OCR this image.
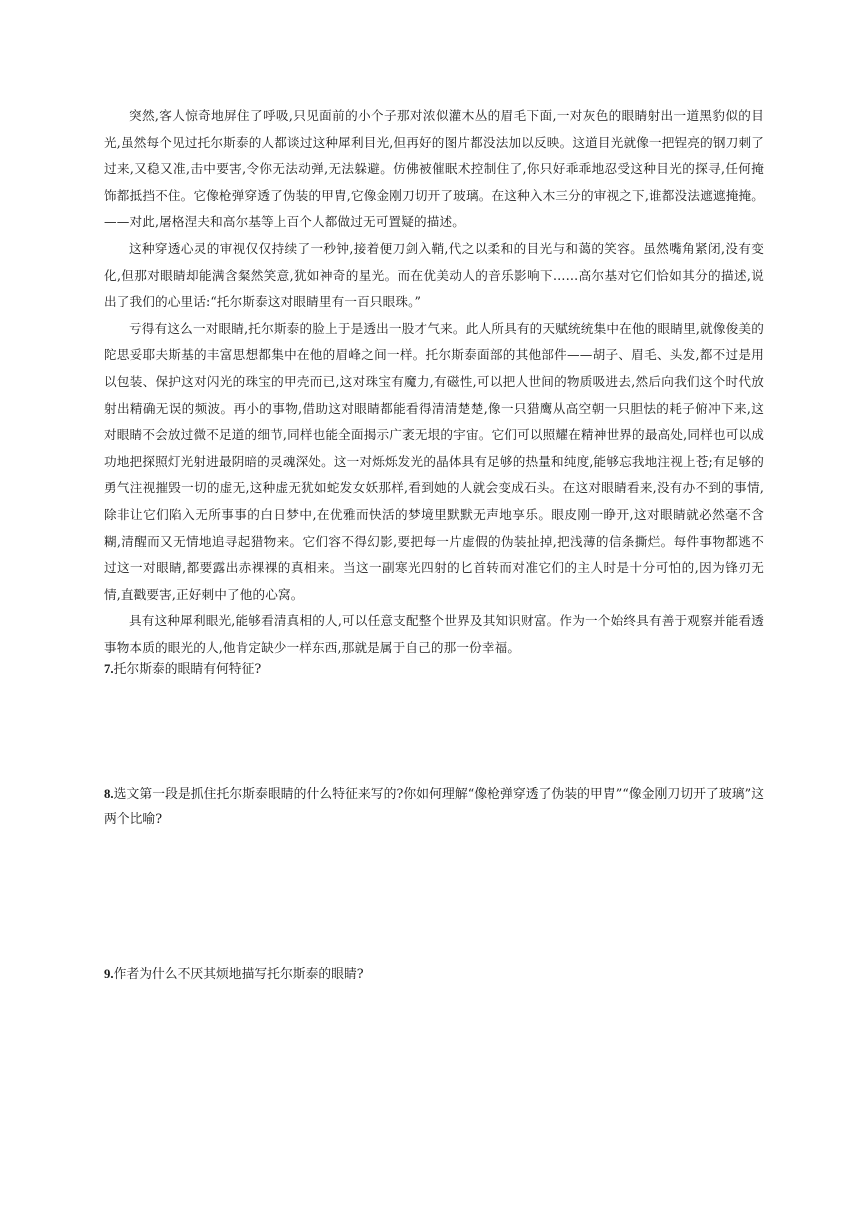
突然,客人惊奇地屏住了呼吸,只见面前的小个子那对浓似灌木丛的眉毛下面,一对灰色的眼睛射出一道黑豹似的目光,虽然每个见过托尔斯泰的人都谈过这种犀利目光,但再好的图片都没法加以反映。这道目光就像一把锃亮的钢刀刺了过来,又稳又准,击中要害,令你无法动弹,无法躲避。仿佛被催眠术控制住了,你只好乖乖地忍受这种目光的探寻,任何掩饰都抵挡不住。它像枪弹穿透了伪装的甲胄,它像金刚刀切开了玻璃。在这种入木三分的审视之下,谁都没法遮遮掩掩。——对此,屠格涅夫和高尔基等上百个人都做过无可置疑的描述。

这种穿透心灵的审视仅仅持续了一秒钟,接着便刀剑入鞘,代之以柔和的目光与和蔼的笑容。虽然嘴角紧闭,没有变化,但那对眼睛却能满含粲然笑意,犹如神奇的星光。而在优美动人的音乐影响下……高尔基对它们恰如其分的描述,说出了我们的心里话:“托尔斯泰这对眼睛里有一百只眼珠。”

亏得有这么一对眼睛,托尔斯泰的脸上于是透出一股才气来。此人所具有的天赋统统集中在他的眼睛里,就像俊美的陀思妥耶夫斯基的丰富思想都集中在他的眉峰之间一样。托尔斯泰面部的其他部件——胡子、眉毛、头发,都不过是用以包装、保护这对闪光的珠宝的甲壳而已,这对珠宝有魔力,有磁性,可以把人世间的物质吸进去,然后向我们这个时代放射出精确无误的频波。再小的事物,借助这对眼睛都能看得清清楚楚,像一只猎鹰从高空朝一只胆怯的耗子俯冲下来,这对眼睛不会放过微不足道的细节,同样也能全面揭示广袤无垠的宇宙。它们可以照耀在精神世界的最高处,同样也可以成功地把探照灯光射进最阴暗的灵魂深处。这一对烁烁发光的晶体具有足够的热量和纯度,能够忘我地注视上苍;有足够的勇气注视摧毁一切的虚无,这种虚无犹如蛇发女妖那样,看到她的人就会变成石头。在这对眼睛看来,没有办不到的事情,除非让它们陷入无所事事的白日梦中,在优雅而快活的梦境里默默无声地享乐。眼皮刚一睁开,这对眼睛就必然毫不含糊,清醒而又无情地追寻起猎物来。它们容不得幻影,要把每一片虚假的伪装扯掉,把浅薄的信条撕烂。每件事物都逃不过这一对眼睛,都要露出赤裸裸的真相来。当这一副寒光四射的匕首转而对准它们的主人时是十分可怕的,因为锋刃无情,直戳要害,正好刺中了他的心窝。

具有这种犀利眼光,能够看清真相的人,可以任意支配整个世界及其知识财富。作为一个始终具有善于观察并能看透事物本质的眼光的人,他肯定缺少一样东西,那就是属于自己的那一份幸福。

7.托尔斯泰的眼睛有何特征?

8.选文第一段是抓住托尔斯泰眼睛的什么特征来写的?你如何理解“像枪弹穿透了伪装的甲胄”“像金刚刀切开了玻璃”这两个比喻?

9.作者为什么不厌其烦地描写托尔斯泰的眼睛?
